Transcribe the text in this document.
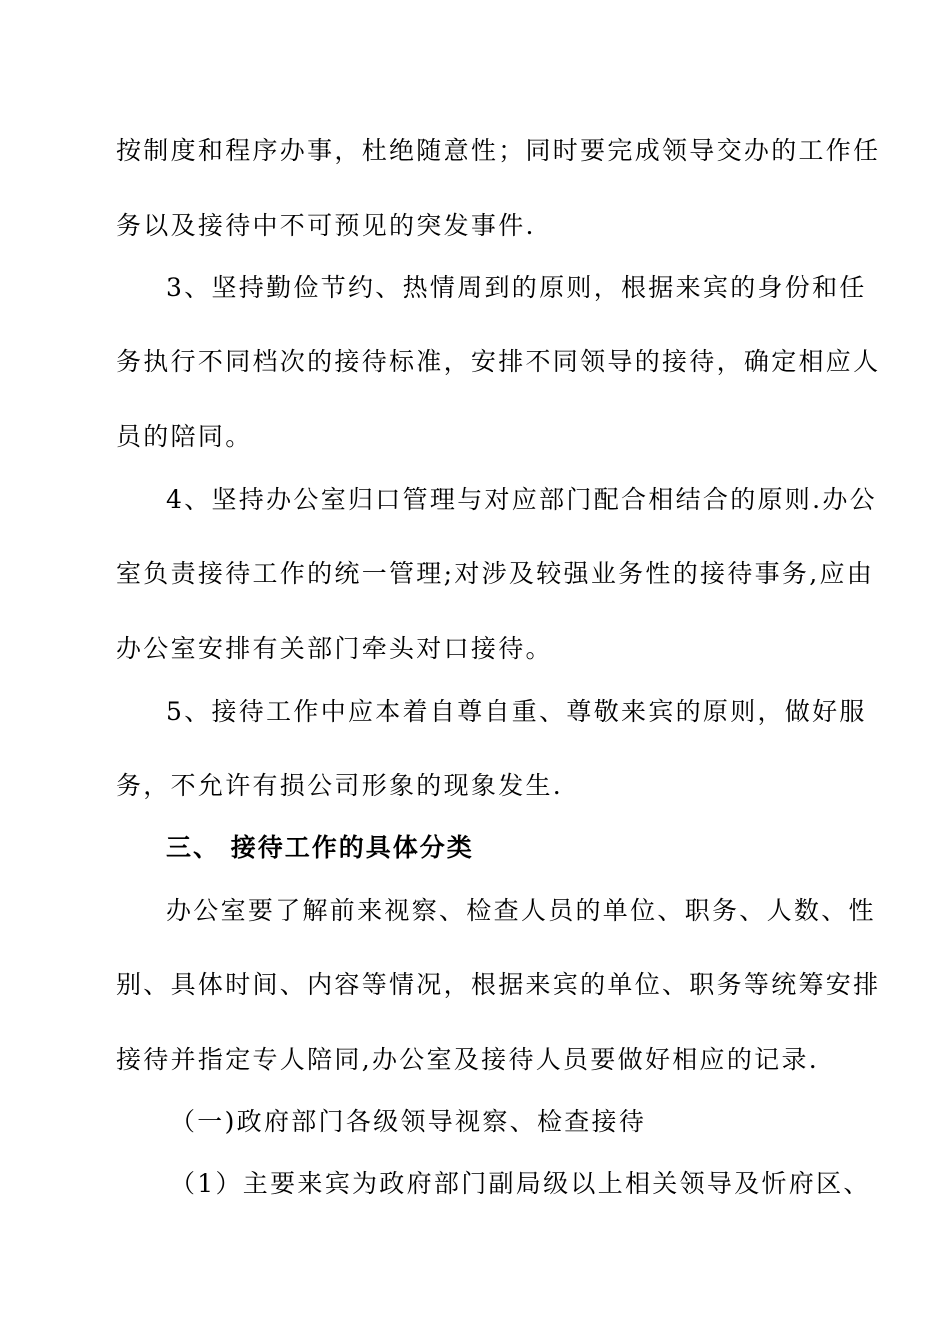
按制度和程序办事，杜绝随意性；同时要完成领导交办的工作任
务以及接待中不可预见的突发事件.
3、坚持勤俭节约、热情周到的原则，根据来宾的身份和任
务执行不同档次的接待标准，安排不同领导的接待，确定相应人
员的陪同。
4、坚持办公室归口管理与对应部门配合相结合的原则.办公
室负责接待工作的统一管理;对涉及较强业务性的接待事务,应由
办公室安排有关部门牵头对口接待。
5、接待工作中应本着自尊自重、尊敬来宾的原则，做好服
务，不允许有损公司形象的现象发生.
三、 接待工作的具体分类
办公室要了解前来视察、检查人员的单位、职务、人数、性
别、具体时间、内容等情况，根据来宾的单位、职务等统筹安排
接待并指定专人陪同,办公室及接待人员要做好相应的记录.
（一)政府部门各级领导视察、检查接待
（1）主要来宾为政府部门副局级以上相关领导及忻府区、
